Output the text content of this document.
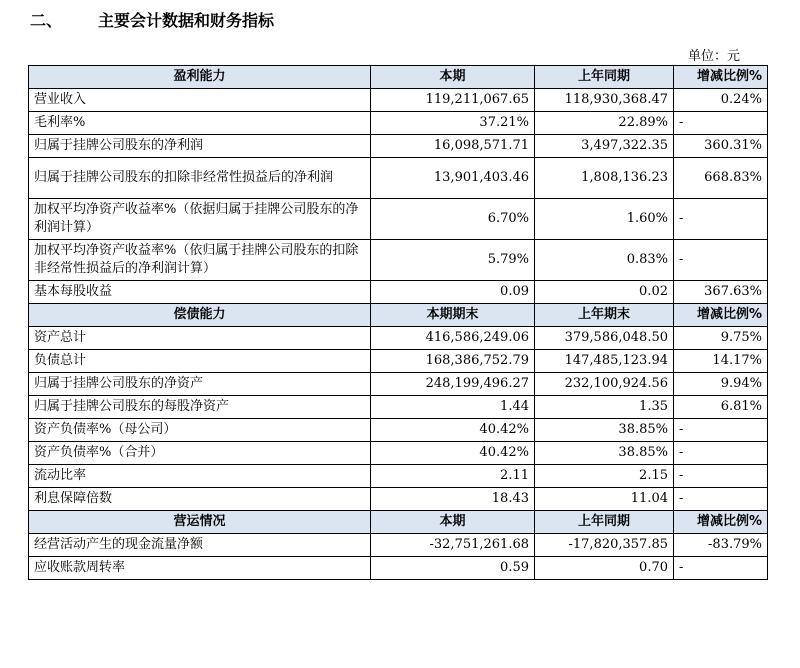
二、 主要会计数据和财务指标
单位：元
盈利能力	本期	上年同期	增减比例%
营业收入	119,211,067.65	118,930,368.47	0.24%
毛利率%	37.21%	22.89%	-
归属于挂牌公司股东的净利润	16,098,571.71	3,497,322.35	360.31%
归属于挂牌公司股东的扣除非经常性损益后的净利润	13,901,403.46	1,808,136.23	668.83%
加权平均净资产收益率%（依据归属于挂牌公司股东的净利润计算）	6.70%	1.60%	-
加权平均净资产收益率%（依归属于挂牌公司股东的扣除非经常性损益后的净利润计算）	5.79%	0.83%	-
基本每股收益	0.09	0.02	367.63%
偿债能力	本期期末	上年期末	增减比例%
资产总计	416,586,249.06	379,586,048.50	9.75%
负债总计	168,386,752.79	147,485,123.94	14.17%
归属于挂牌公司股东的净资产	248,199,496.27	232,100,924.56	9.94%
归属于挂牌公司股东的每股净资产	1.44	1.35	6.81%
资产负债率%（母公司）	40.42%	38.85%	-
资产负债率%（合并）	40.42%	38.85%	-
流动比率	2.11	2.15	-
利息保障倍数	18.43	11.04	-
营运情况	本期	上年同期	增减比例%
经营活动产生的现金流量净额	-32,751,261.68	-17,820,357.85	-83.79%
应收账款周转率	0.59	0.70	-
